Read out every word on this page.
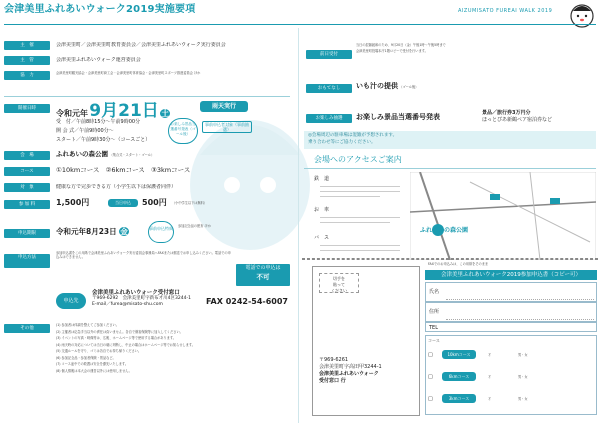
会津美里ふれあいウォーク2019実施要項	AIZUMISATO FUREAI WALK 2019
主　催	会津美里町／会津美里町教育委員会／会津美里ふれあいウォーク実行委員会
主　管	会津美里ふれあいウォーク運営委員会
協　力	会津美里町観光協会・会津美里町商工会・会津美里町体育協会・会津美里町スポーツ推進委員会 ほか
開催日時
令和元年 9月21日 土
雨天実行
受　付／午前8時15分〜午前9時00分
開 会 式／午前9時00分〜
スタート／午前9時30分〜（コースごと）
お楽しみ景品当選番号発表（ゴール後）
事前申込者対象（事前抽選）
会　場	ふれあいの森公園 （集合式・スタート・ゴール）
コース	①10kmコース ②6kmコース ③3kmコース
対　象	健康な方で完歩できる方（小学生以下は保護者同伴）
参 加 料	1,500円	当日申込	500円 （小中学生以下は無料）
申込期限	令和元年8月23日 金	事前申込特典	参加記念品の配布 ほか
申込方法
参加申込書をこの用紙で会津美里ふれあいウォーク実行委員会事務局へFAXまたは郵送でお申し込みください。電話での申込みはできません。
電話での申込は
不可
申込先
会津美里ふれあいウォーク受付窓口
〒969-6292　会津美里町字新布才川4区3244-1
E-mail／furea@misato-shu.com	FAX 0242-54-6007
その他
(1) 参加者は体調を整えてご参加ください。
(2) 主催者は応急手当以外の責任は負いません。各自で傷害保険等に加入してください。
(3) イベントの写真・映像等は、広報、ホームページ等で使用する場合があります。
(4) 雨天時の対応については当日の朝に判断し、中止の場合はホームページ等でお知らせします。
(5) 交通ルールを守り、ゴミは各自でお持ち帰りください。
(6) 参加記念品・参加者保険・景品など。
(7) コース途中での救護は安全を優先いたします。
(8) 個人情報は本大会の運営以外には使用しません。
前日受付
当日の混雑緩和のため、9月20日（金）午後1時〜午後5時まで
会津美里町役場本庁1階ロビーで受付を行います。
おもてなし	いも汁の提供 （ゴール後）
お楽しみ抽選	お楽しみ景品当選番号発表	景品／旅行券3万円分
ほっとぴあ新鶴ペア宿泊券など
◎会場周辺の駐車場は混雑が予想されます。
乗り合わせ等にご協力ください。
会場へのアクセスご案内
鉄　道
お　車
バ　ス
ふれあいの森公園
切手を
貼って
ください
〒969-6261
会津美里町字高田甲3244-1
会津美里ふれあいウォーク
受付窓口 行
FAXでのお申込みは、この用紙をそのまま
会津美里ふれあいウォーク2019参加申込書（コピー可）
氏名
住所
TEL
コース
□	10kmコース	才	男・女
□	6kmコース	才	男・女
□	3kmコース	才	男・女
